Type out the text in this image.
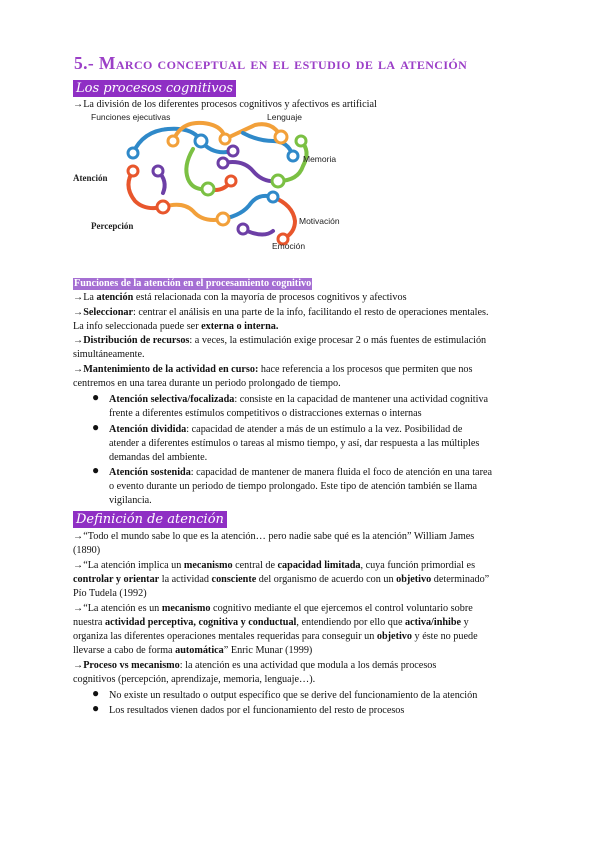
5.- Marco conceptual en el estudio de la atención
Los procesos cognitivos
→La división de los diferentes procesos cognitivos y afectivos es artificial
Funciones ejecutivas	Lenguaje
Memoria
Atención
Percepción	Motivación
Emoción
Funciones de la atención en el procesamiento cognitivo
→La atención está relacionada con la mayoría de procesos cognitivos y afectivos
→Seleccionar: centrar el análisis en una parte de la info, facilitando el resto de operaciones mentales.
La info seleccionada puede ser externa o interna.
→Distribución de recursos: a veces, la estimulación exige procesar 2 o más fuentes de estimulación
simultáneamente.
→Mantenimiento de la actividad en curso: hace referencia a los procesos que permiten que nos
centremos en una tarea durante un periodo prolongado de tiempo.
● Atención selectiva/focalizada: consiste en la capacidad de mantener una actividad cognitiva
frente a diferentes estímulos competitivos o distracciones externas o internas
● Atención dividida: capacidad de atender a más de un estímulo a la vez. Posibilidad de
atender a diferentes estímulos o tareas al mismo tiempo, y así, dar respuesta a las múltiples
demandas del ambiente.
● Atención sostenida: capacidad de mantener de manera fluida el foco de atención en una tarea
o evento durante un periodo de tiempo prolongado. Este tipo de atención también se llama
vigilancia.
Definición de atención
→“Todo el mundo sabe lo que es la atención… pero nadie sabe qué es la atención” William James
(1890)
→“La atención implica un mecanismo central de capacidad limitada, cuya función primordial es
controlar y orientar la actividad consciente del organismo de acuerdo con un objetivo determinado”
Pío Tudela (1992)
→“La atención es un mecanismo cognitivo mediante el que ejercemos el control voluntario sobre
nuestra actividad perceptiva, cognitiva y conductual, entendiendo por ello que activa/inhibe y
organiza las diferentes operaciones mentales requeridas para conseguir un objetivo y éste no puede
llevarse a cabo de forma automática” Enric Munar (1999)
→Proceso vs mecanismo: la atención es una actividad que modula a los demás procesos
cognitivos (percepción, aprendizaje, memoria, lenguaje…).
● No existe un resultado o output específico que se derive del funcionamiento de la atención
● Los resultados vienen dados por el funcionamiento del resto de procesos
